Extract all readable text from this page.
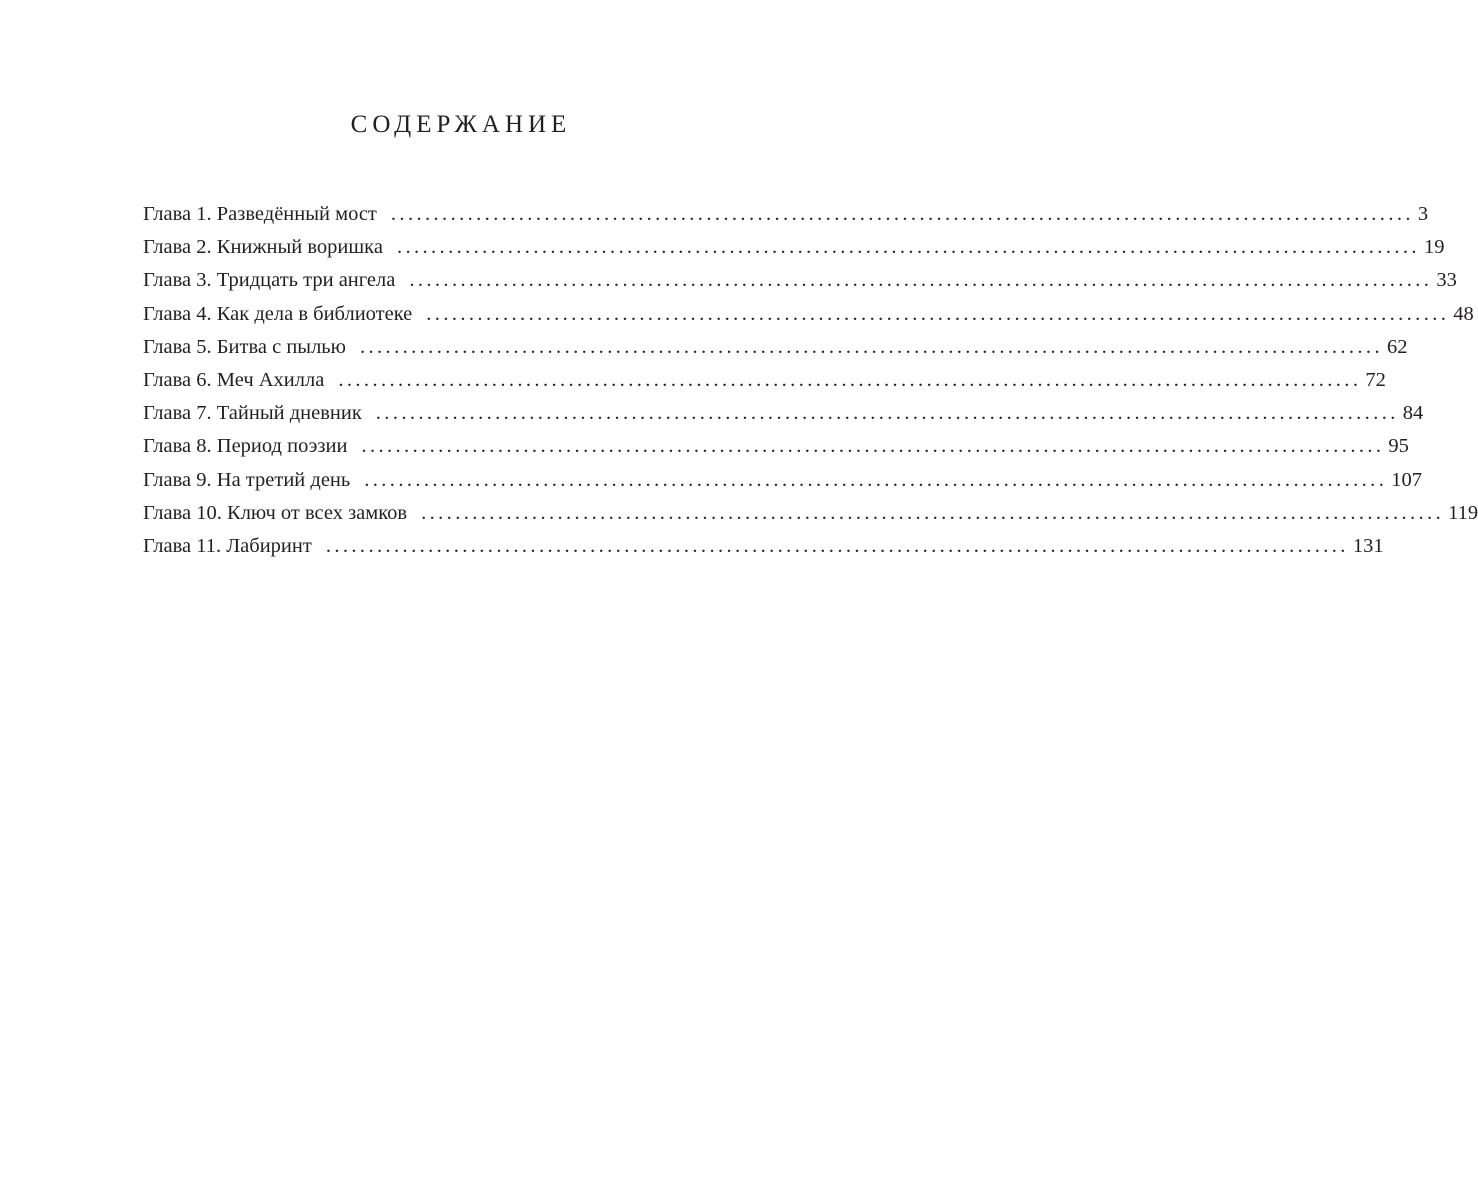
СОДЕРЖАНИЕ
Глава 1. Разведённый мост ........................................................................................................................ 3
Глава 2. Книжный воришка ........................................................................................................................ 19
Глава 3. Тридцать три ангела ........................................................................................................................ 33
Глава 4. Как дела в библиотеке ........................................................................................................................ 48
Глава 5. Битва с пылью ........................................................................................................................ 62
Глава 6. Меч Ахилла ........................................................................................................................ 72
Глава 7. Тайный дневник ........................................................................................................................ 84
Глава 8. Период поэзии ........................................................................................................................ 95
Глава 9. На третий день ........................................................................................................................ 107
Глава 10. Ключ от всех замков ........................................................................................................................ 119
Глава 11. Лабиринт ........................................................................................................................ 131
